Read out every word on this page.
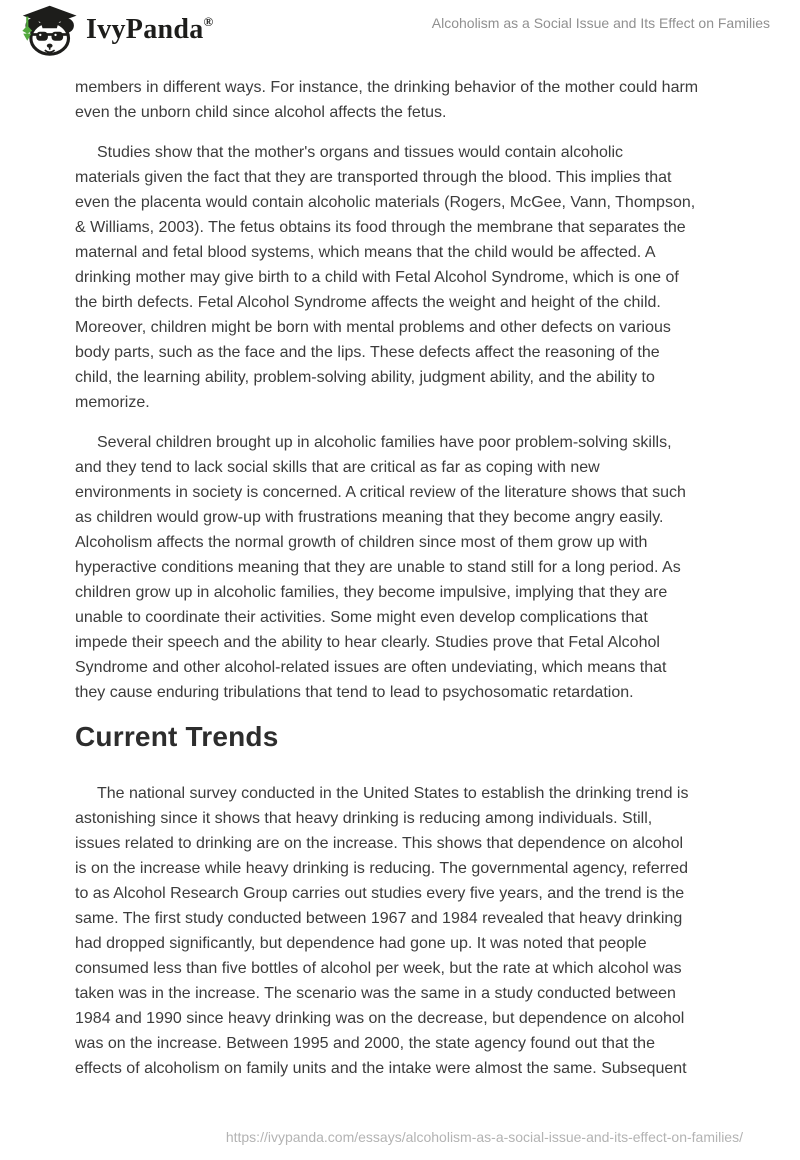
IvyPanda®	Alcoholism as a Social Issue and Its Effect on Families
members in different ways. For instance, the drinking behavior of the mother could harm
even the unborn child since alcohol affects the fetus.
Studies show that the mother's organs and tissues would contain alcoholic
materials given the fact that they are transported through the blood. This implies that
even the placenta would contain alcoholic materials (Rogers, McGee, Vann, Thompson,
& Williams, 2003). The fetus obtains its food through the membrane that separates the
maternal and fetal blood systems, which means that the child would be affected. A
drinking mother may give birth to a child with Fetal Alcohol Syndrome, which is one of
the birth defects. Fetal Alcohol Syndrome affects the weight and height of the child.
Moreover, children might be born with mental problems and other defects on various
body parts, such as the face and the lips. These defects affect the reasoning of the
child, the learning ability, problem-solving ability, judgment ability, and the ability to
memorize.
Several children brought up in alcoholic families have poor problem-solving skills,
and they tend to lack social skills that are critical as far as coping with new
environments in society is concerned. A critical review of the literature shows that such
as children would grow-up with frustrations meaning that they become angry easily.
Alcoholism affects the normal growth of children since most of them grow up with
hyperactive conditions meaning that they are unable to stand still for a long period. As
children grow up in alcoholic families, they become impulsive, implying that they are
unable to coordinate their activities. Some might even develop complications that
impede their speech and the ability to hear clearly. Studies prove that Fetal Alcohol
Syndrome and other alcohol-related issues are often undeviating, which means that
they cause enduring tribulations that tend to lead to psychosomatic retardation.
Current Trends
The national survey conducted in the United States to establish the drinking trend is
astonishing since it shows that heavy drinking is reducing among individuals. Still,
issues related to drinking are on the increase. This shows that dependence on alcohol
is on the increase while heavy drinking is reducing. The governmental agency, referred
to as Alcohol Research Group carries out studies every five years, and the trend is the
same. The first study conducted between 1967 and 1984 revealed that heavy drinking
had dropped significantly, but dependence had gone up. It was noted that people
consumed less than five bottles of alcohol per week, but the rate at which alcohol was
taken was in the increase. The scenario was the same in a study conducted between
1984 and 1990 since heavy drinking was on the decrease, but dependence on alcohol
was on the increase. Between 1995 and 2000, the state agency found out that the
effects of alcoholism on family units and the intake were almost the same. Subsequent
https://ivypanda.com/essays/alcoholism-as-a-social-issue-and-its-effect-on-families/
